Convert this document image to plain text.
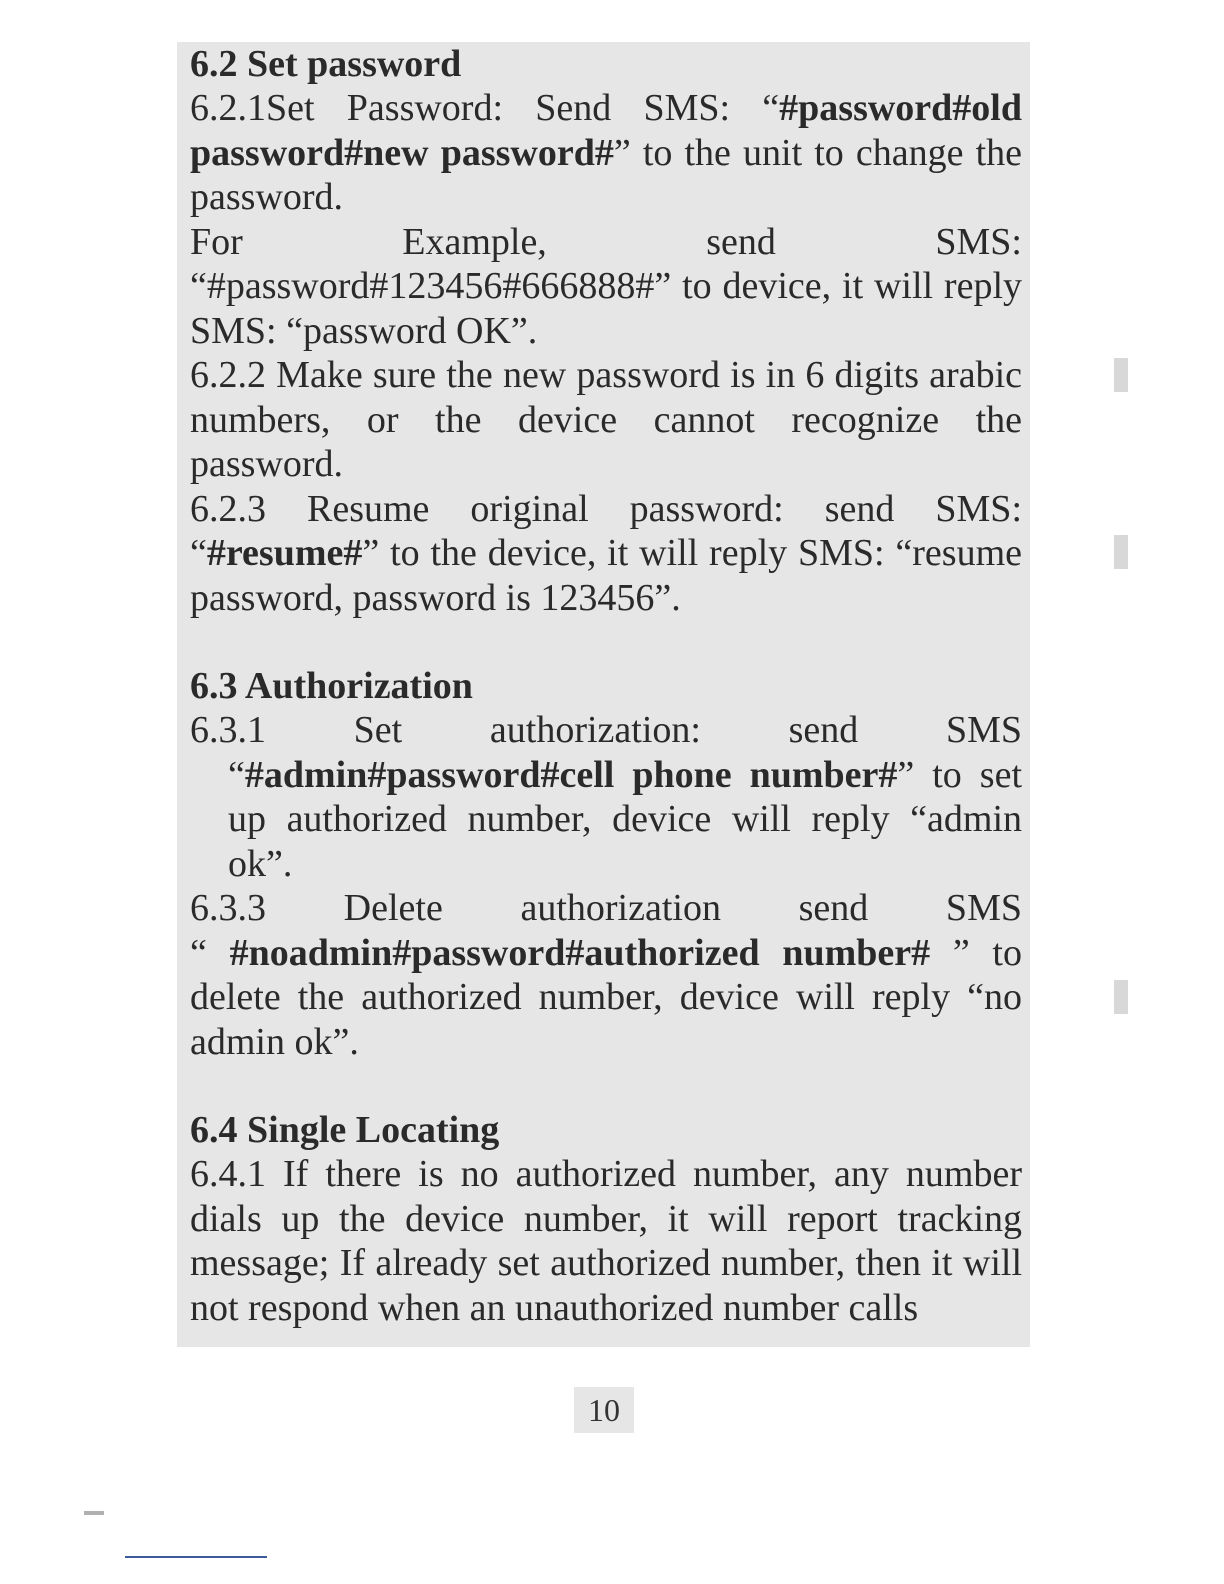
6.2 Set password

6.2.1Set Password: Send SMS: “#password#old password#new password#” to the unit to change the password.

For Example, send SMS:

“#password#123456#666888#” to device, it will reply SMS: “password OK”.

6.2.2 Make sure the new password is in 6 digits arabic numbers, or the device cannot recognize the password.

6.2.3 Resume original password: send SMS:

“#resume#” to the device, it will reply SMS: “resume password, password is 123456”.

6.3 Authorization

6.3.1 Set authorization: send SMS

“#admin#password#cell phone number#” to set up authorized number, device will reply “admin ok”.

6.3.3 Delete authorization send SMS

“ #noadmin#password#authorized number# ” to delete the authorized number, device will reply “no admin ok”.

6.4 Single Locating

6.4.1 If there is no authorized number, any number dials up the device number, it will report tracking message; If already set authorized number, then it will not respond when an unauthorized number calls

10
